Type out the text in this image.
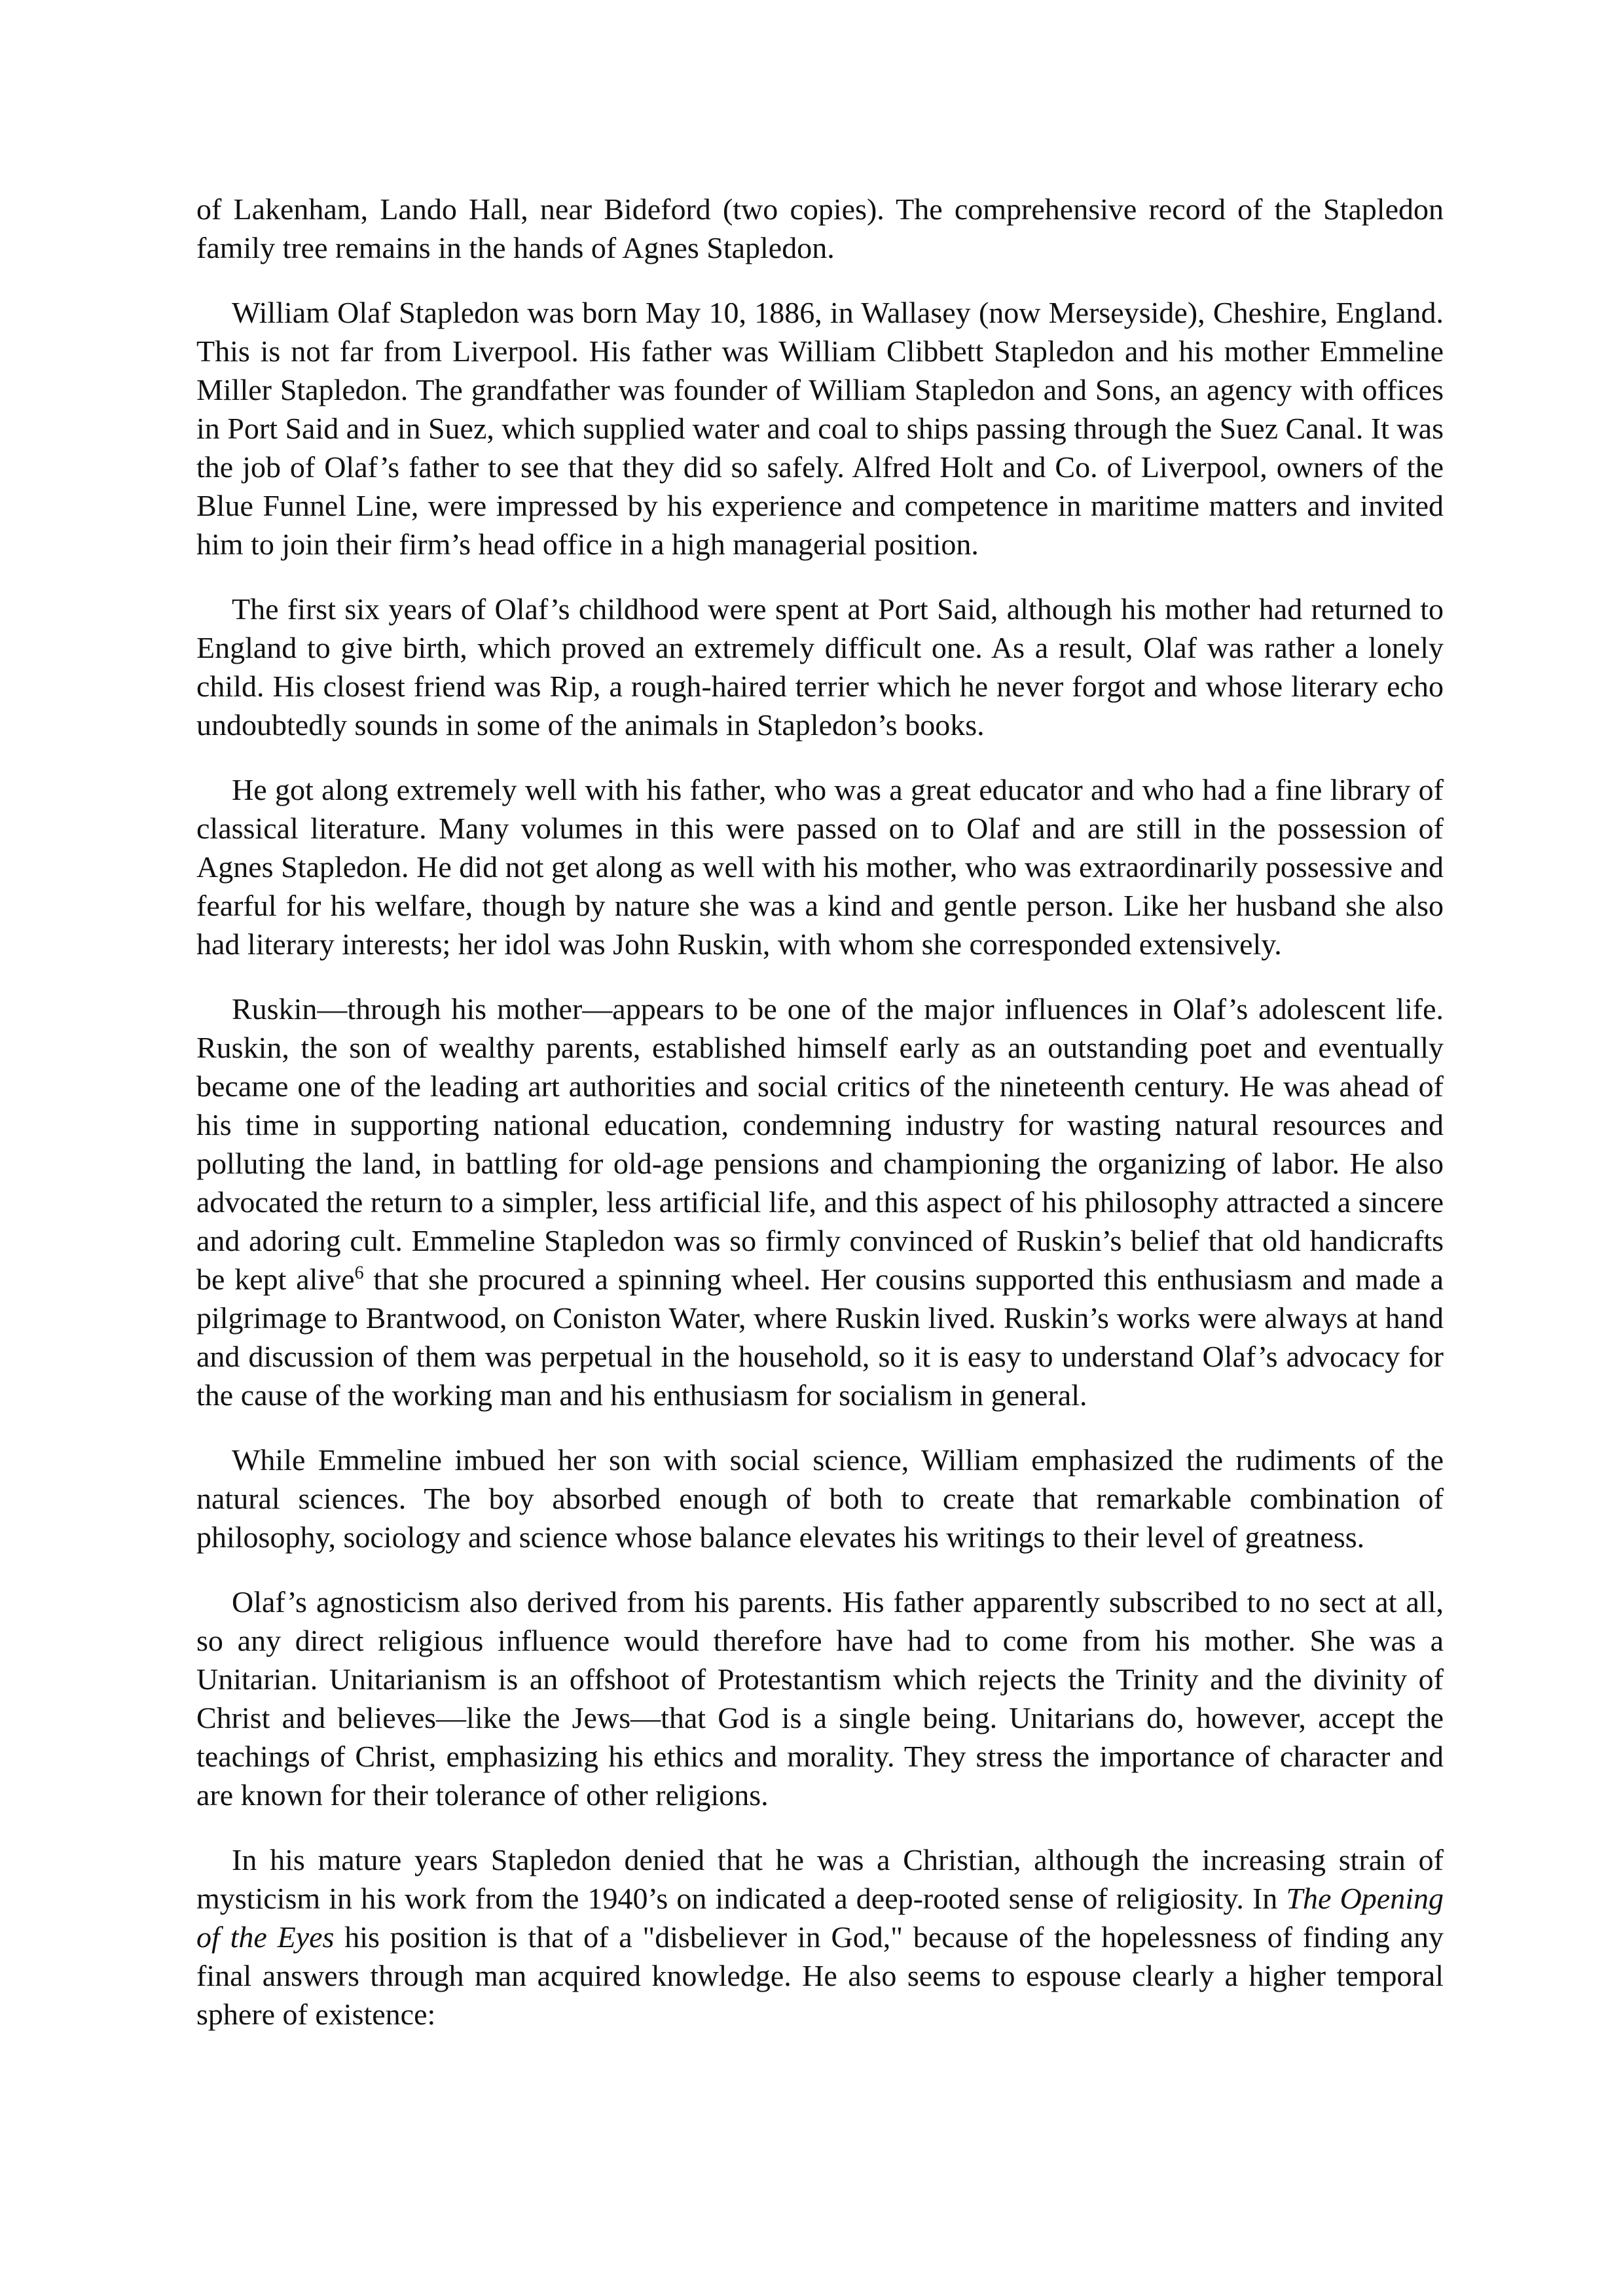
of Lakenham, Lando Hall, near Bideford (two copies). The comprehensive record of the Stapledon family tree remains in the hands of Agnes Stapledon.

William Olaf Stapledon was born May 10, 1886, in Wallasey (now Merseyside), Cheshire, England. This is not far from Liverpool. His father was William Clibbett Stapledon and his mother Emmeline Miller Stapledon. The grandfather was founder of William Stapledon and Sons, an agency with offices in Port Said and in Suez, which supplied water and coal to ships passing through the Suez Canal. It was the job of Olaf’s father to see that they did so safely. Alfred Holt and Co. of Liverpool, owners of the Blue Funnel Line, were impressed by his experience and competence in maritime matters and invited him to join their firm’s head office in a high managerial position.

The first six years of Olaf’s childhood were spent at Port Said, although his mother had returned to England to give birth, which proved an extremely difficult one. As a result, Olaf was rather a lonely child. His closest friend was Rip, a rough-haired terrier which he never forgot and whose literary echo undoubtedly sounds in some of the animals in Stapledon’s books.

He got along extremely well with his father, who was a great educator and who had a fine library of classical literature. Many volumes in this were passed on to Olaf and are still in the possession of Agnes Stapledon. He did not get along as well with his mother, who was extraordinarily possessive and fearful for his welfare, though by nature she was a kind and gentle person. Like her husband she also had literary interests; her idol was John Ruskin, with whom she corresponded extensively.

Ruskin—through his mother—appears to be one of the major influences in Olaf’s adolescent life. Ruskin, the son of wealthy parents, established himself early as an outstanding poet and eventually became one of the leading art authorities and social critics of the nineteenth century. He was ahead of his time in supporting national education, condemning industry for wasting natural resources and polluting the land, in battling for old-age pensions and championing the organizing of labor. He also advocated the return to a simpler, less artificial life, and this aspect of his philosophy attracted a sincere and adoring cult. Emmeline Stapledon was so firmly convinced of Ruskin’s belief that old handicrafts be kept alive$^6$ that she procured a spinning wheel. Her cousins supported this enthusiasm and made a pilgrimage to Brantwood, on Coniston Water, where Ruskin lived. Ruskin’s works were always at hand and discussion of them was perpetual in the household, so it is easy to understand Olaf’s advocacy for the cause of the working man and his enthusiasm for socialism in general.

While Emmeline imbued her son with social science, William emphasized the rudiments of the natural sciences. The boy absorbed enough of both to create that remarkable combination of philosophy, sociology and science whose balance elevates his writings to their level of greatness.

Olaf’s agnosticism also derived from his parents. His father apparently subscribed to no sect at all, so any direct religious influence would therefore have had to come from his mother. She was a Unitarian. Unitarianism is an offshoot of Protestantism which rejects the Trinity and the divinity of Christ and believes—like the Jews—that God is a single being. Unitarians do, however, accept the teachings of Christ, emphasizing his ethics and morality. They stress the importance of character and are known for their tolerance of other religions.

In his mature years Stapledon denied that he was a Christian, although the increasing strain of mysticism in his work from the 1940’s on indicated a deep-rooted sense of religiosity. In The Opening of the Eyes his position is that of a "disbeliever in God," because of the hopelessness of finding any final answers through man acquired knowledge. He also seems to espouse clearly a higher temporal sphere of existence:
